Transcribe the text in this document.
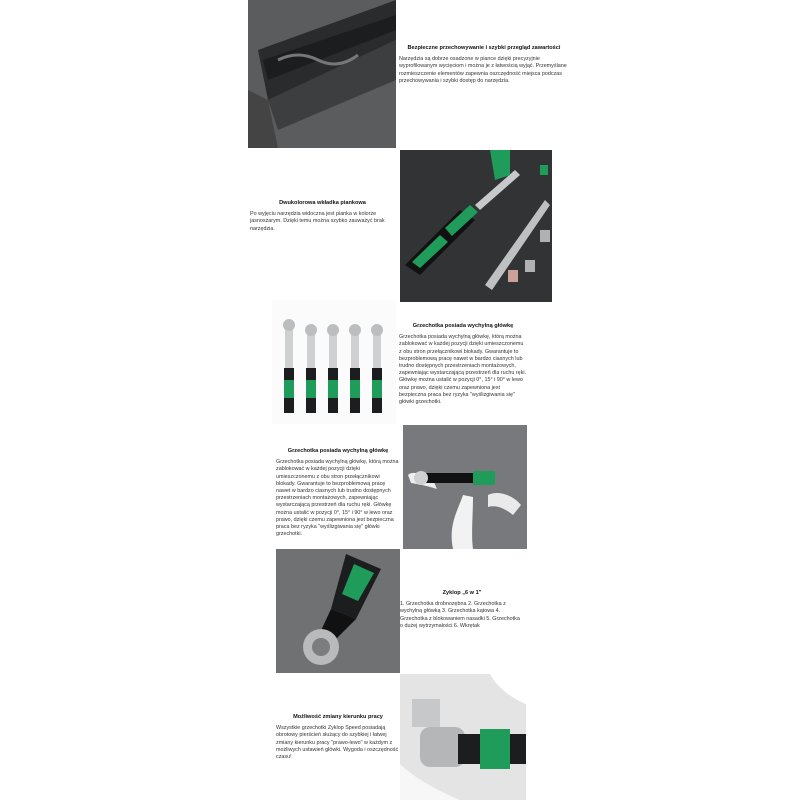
Bezpieczne przechowywanie i szybki przegląd zawartości
Narzędzia są dobrze osadzone w piance dzięki precyzyjnie wyprofilowanym wycięciom i można je z łatwością wyjąć. Przemyślane rozmieszczenie elementów zapewnia oszczędność miejsca podczas przechowywania i szybki dostęp do narzędzia.
Dwukolorowa wkładka piankowa
Po wyjęciu narzędzia widoczna jest pianka w kolorze jasnoszarym. Dzięki temu można szybko zauważyć brak narzędzia.
Grzechotka posiada wychylną główkę
Grzechotka posiada wychylną główkę, którą można zablokować w każdej pozycji dzięki umieszczonemu z obu stron przełącznikowi blokady. Gwarantuje to bezproblemową pracę nawet w bardzo ciasnych lub trudno dostępnych przestrzeniach montażowych, zapewniając wystarczającą przestrzeń dla ruchu ręki. Główkę można ustalić w pozycji 0°, 15° i 90° w lewo oraz prawo, dzięki czemu zapewniona jest bezpieczna praca bez ryzyka "wyślizgiwania się" główki grzechotki.
Grzechotka posiada wychylną główkę
Grzechotka posiada wychylną główkę, którą można zablokować w każdej pozycji dzięki umieszczonemu z obu stron przełącznikowi blokady. Gwarantuje to bezproblemową pracę nawet w bardzo ciasnych lub trudno dostępnych przestrzeniach montażowych, zapewniając wystarczającą przestrzeń dla ruchu ręki. Główkę można ustalić w pozycji 0°, 15° i 90° w lewo oraz prawo, dzięki czemu zapewniona jest bezpieczna praca bez ryzyka "wyślizgiwania się" główki grzechotki.
Zyklop „6 w 1"
1. Grzechotka drobnozębna 2. Grzechotka z wychylną główką 3. Grzechotka kątowa 4. Grzechotka z blokowaniem nasadki 5. Grzechotka o dużej wytrzymałości 6. Wkrętak
Możliwość zmiany kierunku pracy
Wszystkie grzechotki Zyklop Speed posiadają obrotowy pierścień służący do szybkiej i łatwej zmiany kierunku pracy "prawo-lewo" w każdym z możliwych ustawień główki. Wygoda i oszczędność czasu!
